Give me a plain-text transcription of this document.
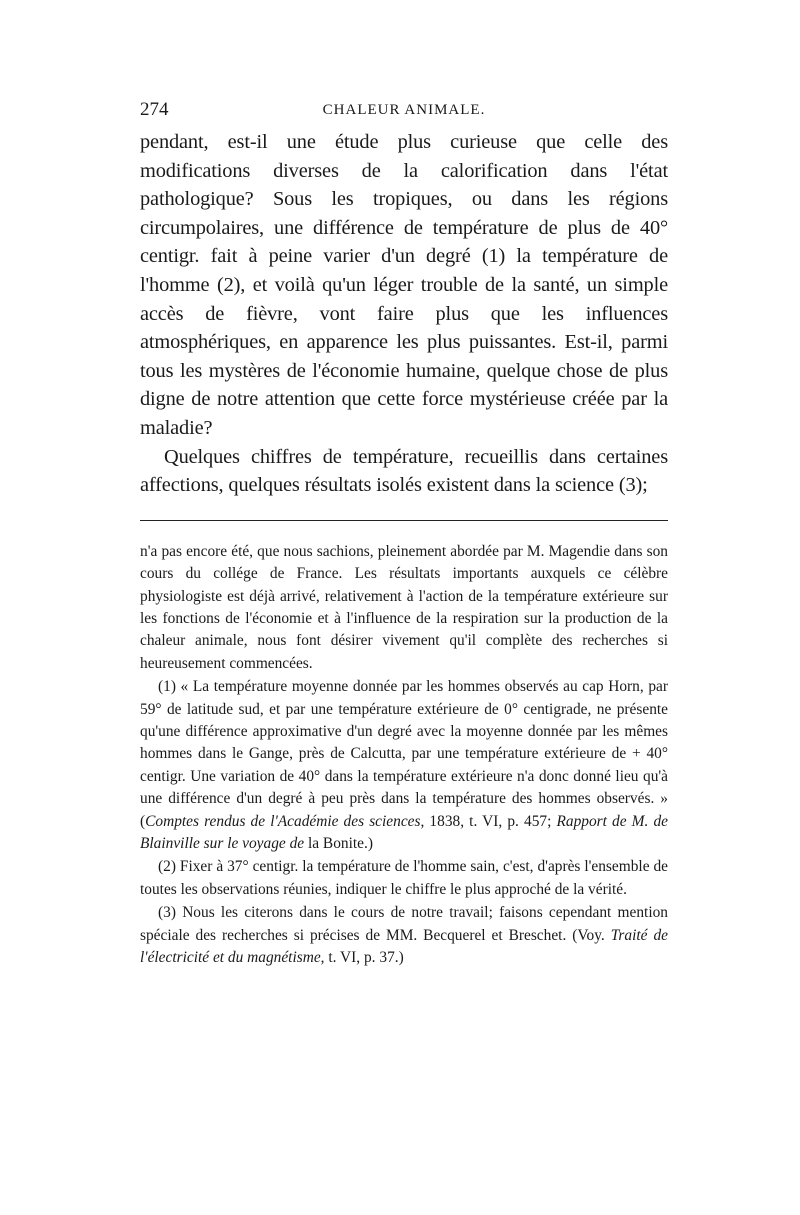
274	CHALEUR ANIMALE.

pendant, est-il une étude plus curieuse que celle des modifications diverses de la calorification dans l'état pathologique? Sous les tropiques, ou dans les régions circumpolaires, une différence de température de plus de 40° centigr. fait à peine varier d'un degré (1) la température de l'homme (2), et voilà qu'un léger trouble de la santé, un simple accès de fièvre, vont faire plus que les influences atmosphériques, en apparence les plus puissantes. Est-il, parmi tous les mystères de l'économie humaine, quelque chose de plus digne de notre attention que cette force mystérieuse créée par la maladie?

Quelques chiffres de température, recueillis dans certaines affections, quelques résultats isolés existent dans la science (3);

n'a pas encore été, que nous sachions, pleinement abordée par M. Magendie dans son cours du collége de France. Les résultats importants auxquels ce célèbre physiologiste est déjà arrivé, relativement à l'action de la température extérieure sur les fonctions de l'économie et à l'influence de la respiration sur la production de la chaleur animale, nous font désirer vivement qu'il complète des recherches si heureusement commencées.

(1) « La température moyenne donnée par les hommes observés au cap Horn, par 59° de latitude sud, et par une température extérieure de 0° centigrade, ne présente qu'une différence approximative d'un degré avec la moyenne donnée par les mêmes hommes dans le Gange, près de Calcutta, par une température extérieure de + 40° centigr. Une variation de 40° dans la température extérieure n'a donc donné lieu qu'à une différence d'un degré à peu près dans la température des hommes observés. » (Comptes rendus de l'Académie des sciences, 1838, t. VI, p. 457; Rapport de M. de Blainville sur le voyage de la Bonite.)

(2) Fixer à 37° centigr. la température de l'homme sain, c'est, d'après l'ensemble de toutes les observations réunies, indiquer le chiffre le plus approché de la vérité.

(3) Nous les citerons dans le cours de notre travail; faisons cependant mention spéciale des recherches si précises de MM. Becquerel et Breschet. (Voy. Traité de l'électricité et du magnétisme, t. VI, p. 37.)
